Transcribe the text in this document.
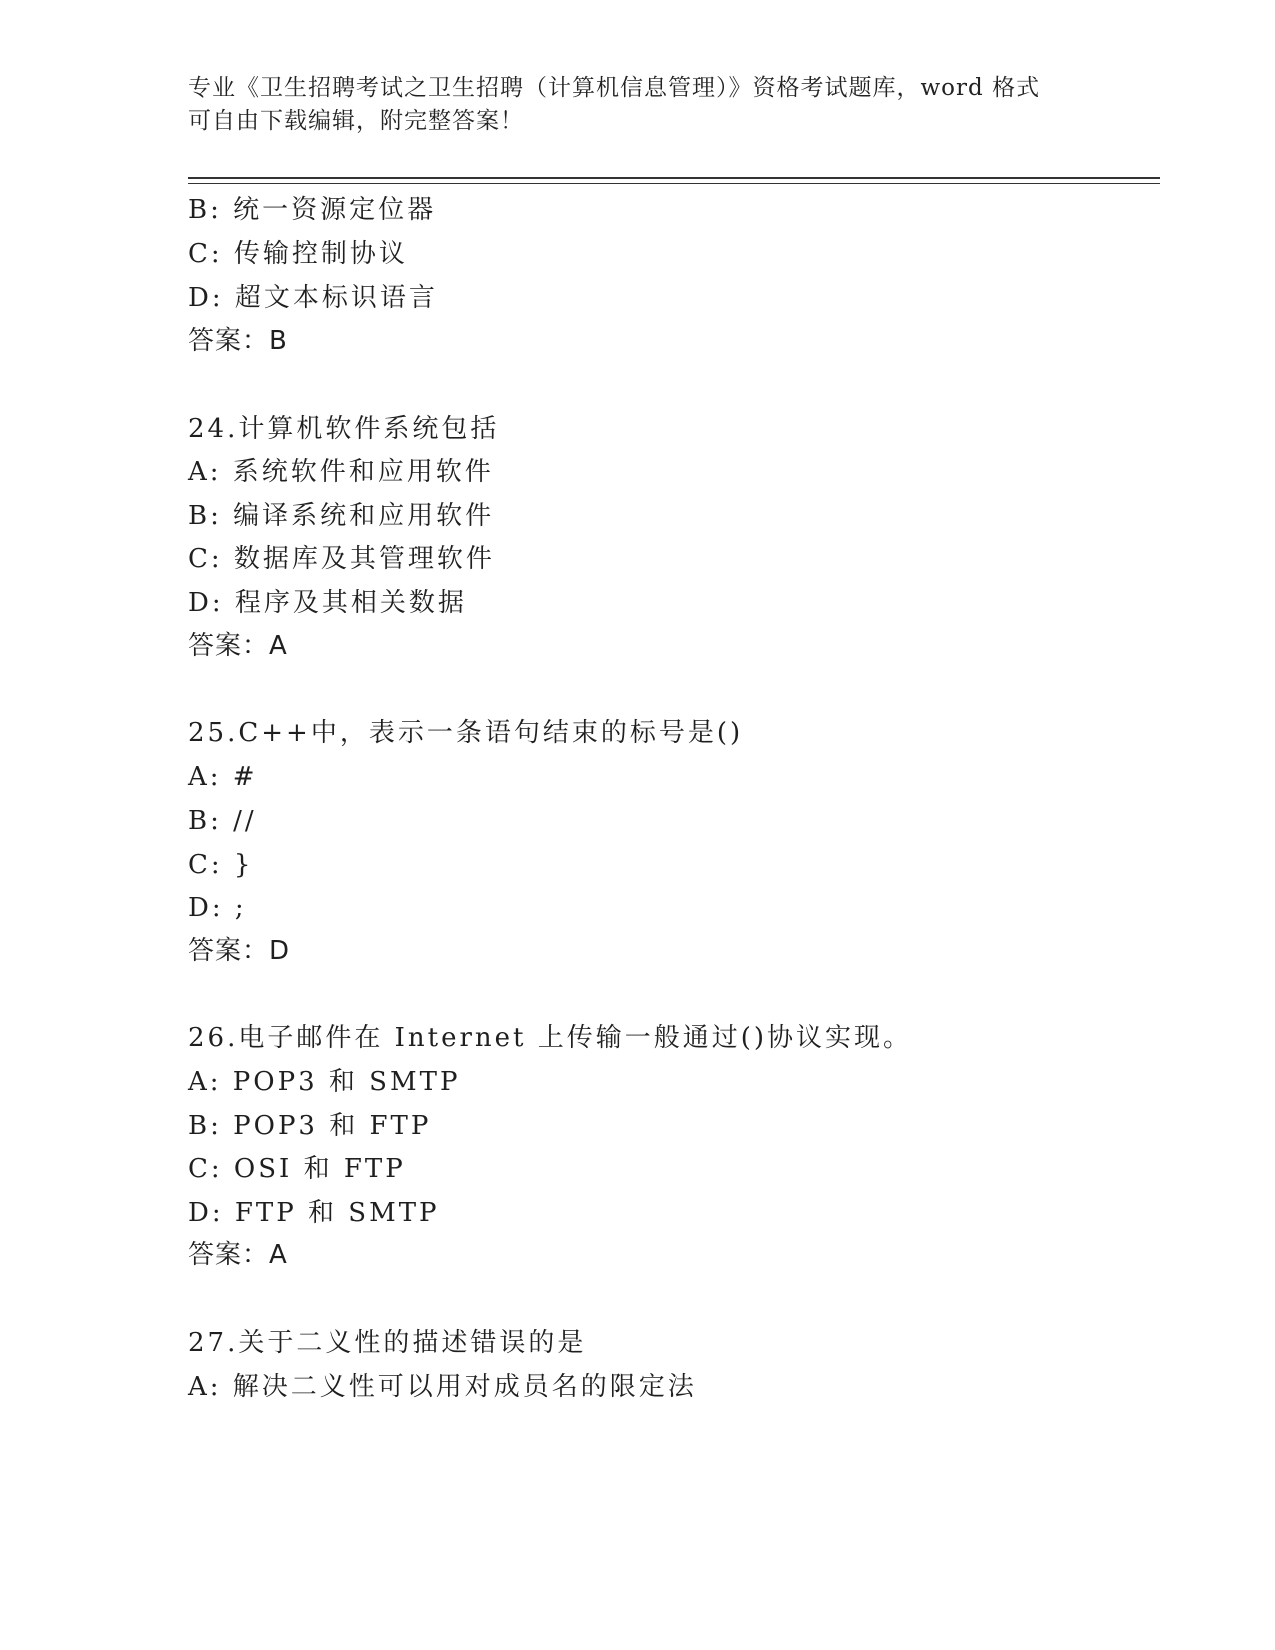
专业《卫生招聘考试之卫生招聘（计算机信息管理）》资格考试题库，word 格式
可自由下载编辑，附完整答案！
B: 统一资源定位器
C: 传输控制协议
D: 超文本标识语言
答案：B
24.计算机软件系统包括
A: 系统软件和应用软件
B: 编译系统和应用软件
C: 数据库及其管理软件
D: 程序及其相关数据
答案：A
25.C++中，表示一条语句结束的标号是()
A: #
B: //
C: }
D: ;
答案：D
26.电子邮件在 Internet 上传输一般通过()协议实现。
A: POP3 和 SMTP
B: POP3 和 FTP
C: OSI 和 FTP
D: FTP 和 SMTP
答案：A
27.关于二义性的描述错误的是
A: 解决二义性可以用对成员名的限定法
